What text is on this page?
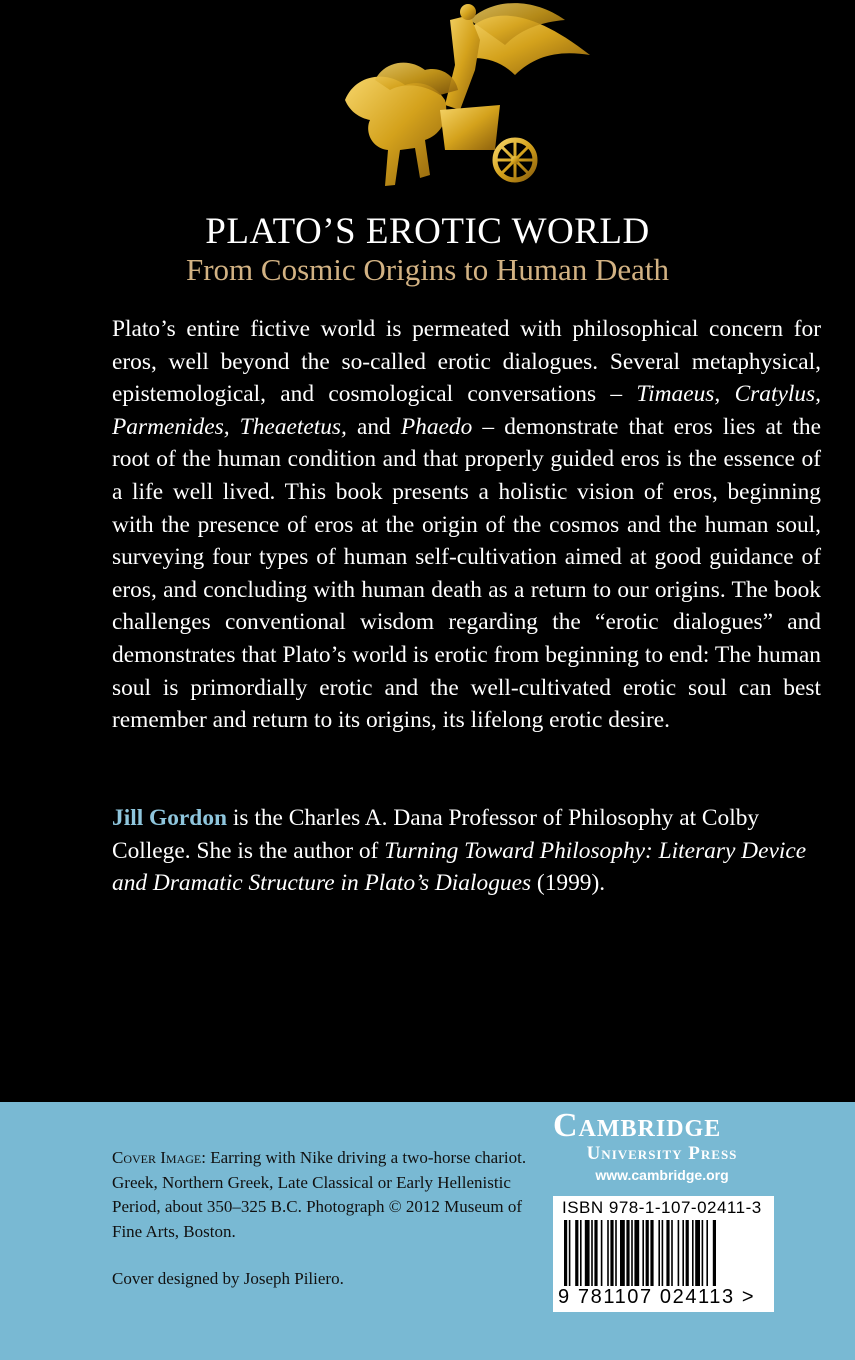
PLATO’S EROTIC WORLD
From Cosmic Origins to Human Death

Plato’s entire fictive world is permeated with philosophical concern for eros, well beyond the so-called erotic dialogues. Several metaphysical, epistemological, and cosmological conversations – Timaeus, Cratylus, Parmenides, Theaetetus, and Phaedo – demonstrate that eros lies at the root of the human condition and that properly guided eros is the essence of a life well lived. This book presents a holistic vision of eros, beginning with the presence of eros at the origin of the cosmos and the human soul, surveying four types of human self-cultivation aimed at good guidance of eros, and concluding with human death as a return to our origins. The book challenges conventional wisdom regarding the “erotic dialogues” and demonstrates that Plato’s world is erotic from beginning to end: The human soul is primordially erotic and the well-cultivated erotic soul can best remember and return to its origins, its lifelong erotic desire.

Jill Gordon is the Charles A. Dana Professor of Philosophy at Colby College. She is the author of Turning Toward Philosophy: Literary Device and Dramatic Structure in Plato’s Dialogues (1999).

Cover Image: Earring with Nike driving a two-horse chariot. Greek, Northern Greek, Late Classical or Early Hellenistic Period, about 350–325 B.C. Photograph © 2012 Museum of Fine Arts, Boston.

Cover designed by Joseph Piliero.

Cambridge
University Press
www.cambridge.org
ISBN 978-1-107-02411-3
9 781107 024113 >
